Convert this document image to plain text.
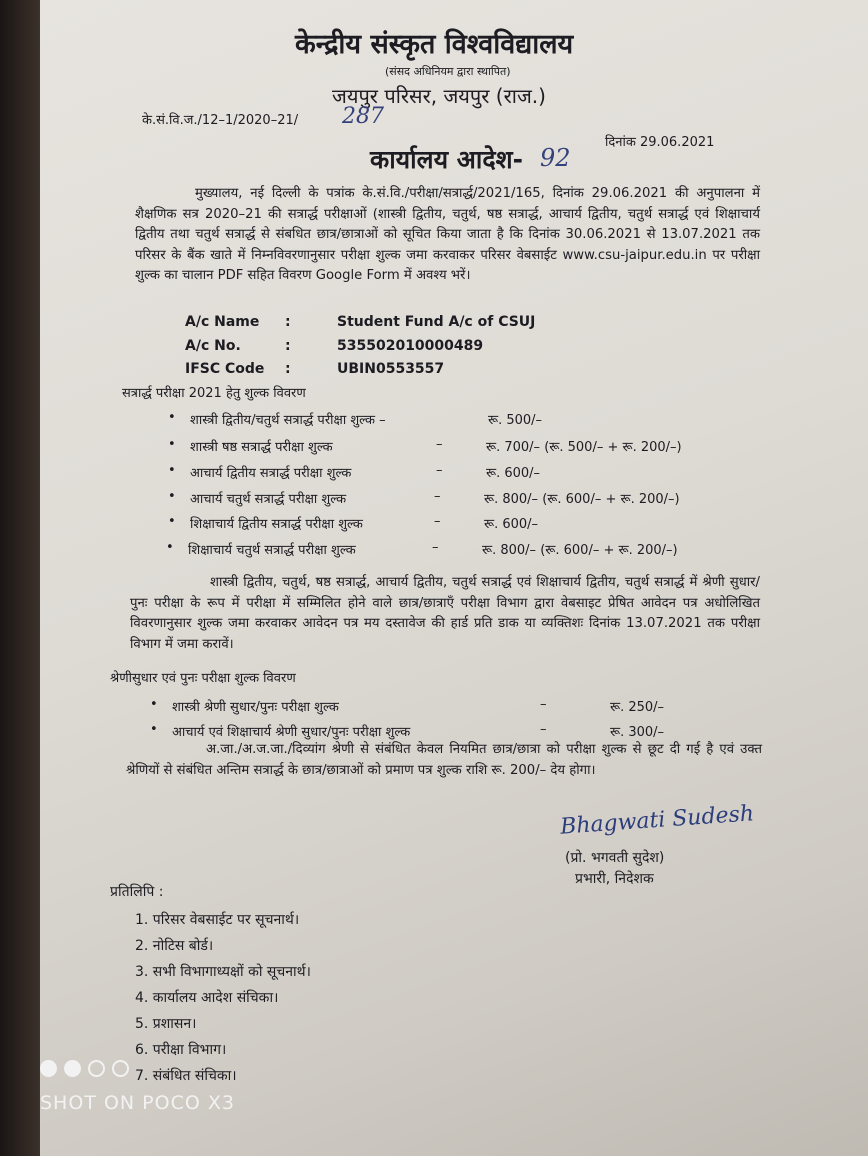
केन्द्रीय संस्कृत विश्वविद्यालय
(संसद अधिनियम द्वारा स्थापित)
जयपुर परिसर, जयपुर (राज.)
के.सं.वि.ज./12–1/2020–21/ 287
दिनांक 29.06.2021
कार्यालय आदेश- 92
मुख्यालय, नई दिल्ली के पत्रांक के.सं.वि./परीक्षा/सत्रार्द्ध/2021/165, दिनांक 29.06.2021 की अनुपालना में शैक्षणिक सत्र 2020–21 की सत्रार्द्ध परीक्षाओं (शास्त्री द्वितीय, चतुर्थ, षष्ठ सत्रार्द्ध, आचार्य द्वितीय, चतुर्थ सत्रार्द्ध एवं शिक्षाचार्य द्वितीय तथा चतुर्थ सत्रार्द्ध से संबधित छात्र/छात्राओं को सूचित किया जाता है कि दिनांक 30.06.2021 से 13.07.2021 तक परिसर के बैंक खाते में निम्नविवरणानुसार परीक्षा शुल्क जमा करवाकर परिसर वेबसाईट www.csu-jaipur.edu.in पर परीक्षा शुल्क का चालान PDF सहित विवरण Google Form में अवश्य भरें।
A/c Name :	Student Fund A/c of CSUJ
A/c No.	:	535502010000489
IFSC Code :	UBIN0553557
सत्रार्द्ध परीक्षा 2021 हेतु शुल्क विवरण
• शास्त्री द्वितीय/चतुर्थ सत्रार्द्ध परीक्षा शुल्क –	रू. 500/–
• शास्त्री षष्ठ सत्रार्द्ध परीक्षा शुल्क	–	रू. 700/– (रू. 500/– + रू. 200/–)
• आचार्य द्वितीय सत्रार्द्ध परीक्षा शुल्क	–	रू. 600/–
• आचार्य चतुर्थ सत्रार्द्ध परीक्षा शुल्क	–	रू. 800/– (रू. 600/– + रू. 200/–)
• शिक्षाचार्य द्वितीय सत्रार्द्ध परीक्षा शुल्क	–	रू. 600/–
• शिक्षाचार्य चतुर्थ सत्रार्द्ध परीक्षा शुल्क	–	रू. 800/– (रू. 600/– + रू. 200/–)
शास्त्री द्वितीय, चतुर्थ, षष्ठ सत्रार्द्ध, आचार्य द्वितीय, चतुर्थ सत्रार्द्ध एवं शिक्षाचार्य द्वितीय, चतुर्थ सत्रार्द्ध में श्रेणी सुधार/पुनः परीक्षा के रूप में परीक्षा में सम्मिलित होने वाले छात्र/छात्राएँ परीक्षा विभाग द्वारा वेबसाइट प्रेषित आवेदन पत्र अधोलिखित विवरणानुसार शुल्क जमा करवाकर आवेदन पत्र मय दस्तावेज की हार्ड प्रति डाक या व्यक्तिशः दिनांक 13.07.2021 तक परीक्षा विभाग में जमा करावें।
श्रेणीसुधार एवं पुनः परीक्षा शुल्क विवरण
• शास्त्री श्रेणी सुधार/पुनः परीक्षा शुल्क	–	रू. 250/–
• आचार्य एवं शिक्षाचार्य श्रेणी सुधार/पुनः परीक्षा शुल्क	–	रू. 300/–
अ.जा./अ.ज.जा./दिव्यांग श्रेणी से संबंधित केवल नियमित छात्र/छात्रा को परीक्षा शुल्क से छूट दी गई है एवं उक्त श्रेणियों से संबंधित अन्तिम सत्रार्द्ध के छात्र/छात्राओं को प्रमाण पत्र शुल्क राशि रू. 200/– देय होगा।
Bhagwati Sudesh
(प्रो. भगवती सुदेश)
प्रभारी, निदेशक
प्रतिलिपि :
1. परिसर वेबसाईट पर सूचनार्थ।
2. नोटिस बोर्ड।
3. सभी विभागाध्यक्षों को सूचनार्थ।
4. कार्यालय आदेश संचिका।
5. प्रशासन।
6. परीक्षा विभाग।
7. संबंधित संचिका।
SHOT ON POCO X3
